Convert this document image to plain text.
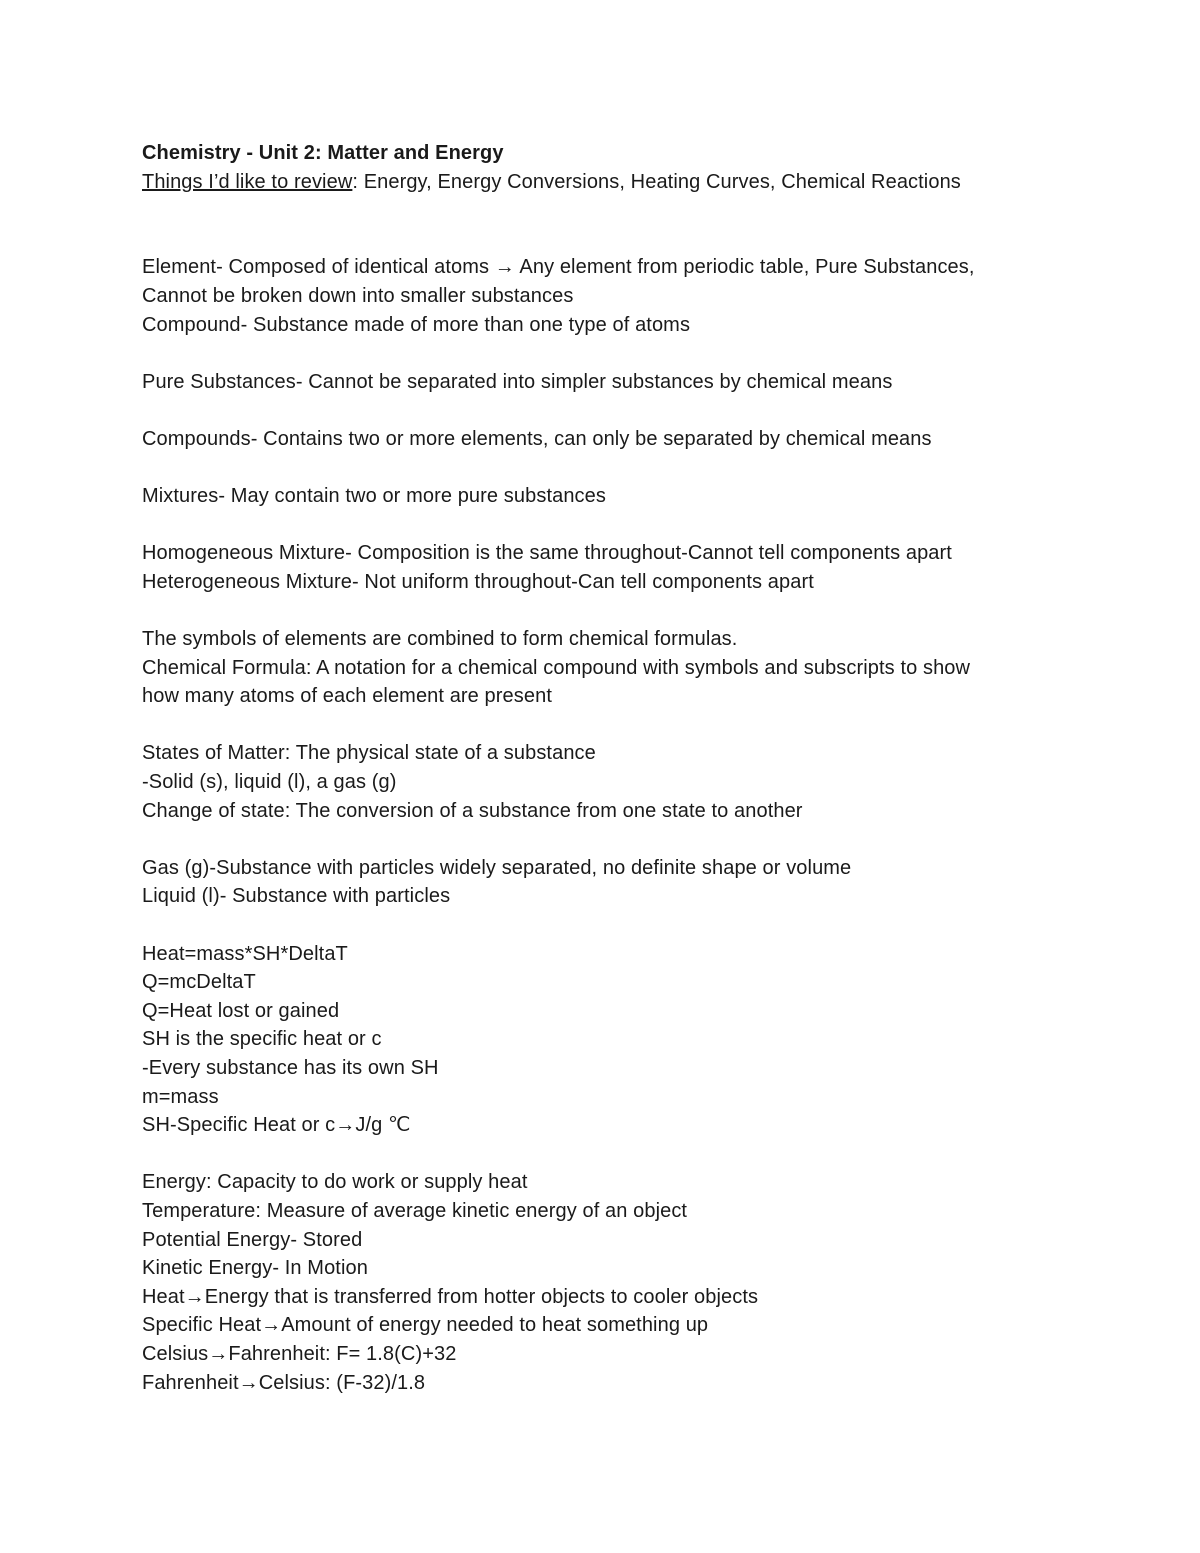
Chemistry - Unit 2: Matter and Energy
Things I’d like to review: Energy, Energy Conversions, Heating Curves, Chemical Reactions
Element- Composed of identical atoms → Any element from periodic table, Pure Substances,
Cannot be broken down into smaller substances
Compound- Substance made of more than one type of atoms
Pure Substances- Cannot be separated into simpler substances by chemical means
Compounds- Contains two or more elements, can only be separated by chemical means
Mixtures- May contain two or more pure substances
Homogeneous Mixture- Composition is the same throughout-Cannot tell components apart
Heterogeneous Mixture- Not uniform throughout-Can tell components apart
The symbols of elements are combined to form chemical formulas.
Chemical Formula: A notation for a chemical compound with symbols and subscripts to show
how many atoms of each element are present
States of Matter: The physical state of a substance
-Solid (s), liquid (l), a gas (g)
Change of state: The conversion of a substance from one state to another
Gas (g)-Substance with particles widely separated, no definite shape or volume
Liquid (l)- Substance with particles
Heat=mass*SH*DeltaT
Q=mcDeltaT
Q=Heat lost or gained
SH is the specific heat or c
-Every substance has its own SH
m=mass
SH-Specific Heat or c→J/g ℃
Energy: Capacity to do work or supply heat
Temperature: Measure of average kinetic energy of an object
Potential Energy- Stored
Kinetic Energy- In Motion
Heat→Energy that is transferred from hotter objects to cooler objects
Specific Heat→Amount of energy needed to heat something up
Celsius→Fahrenheit: F= 1.8(C)+32
Fahrenheit→Celsius: (F-32)/1.8
